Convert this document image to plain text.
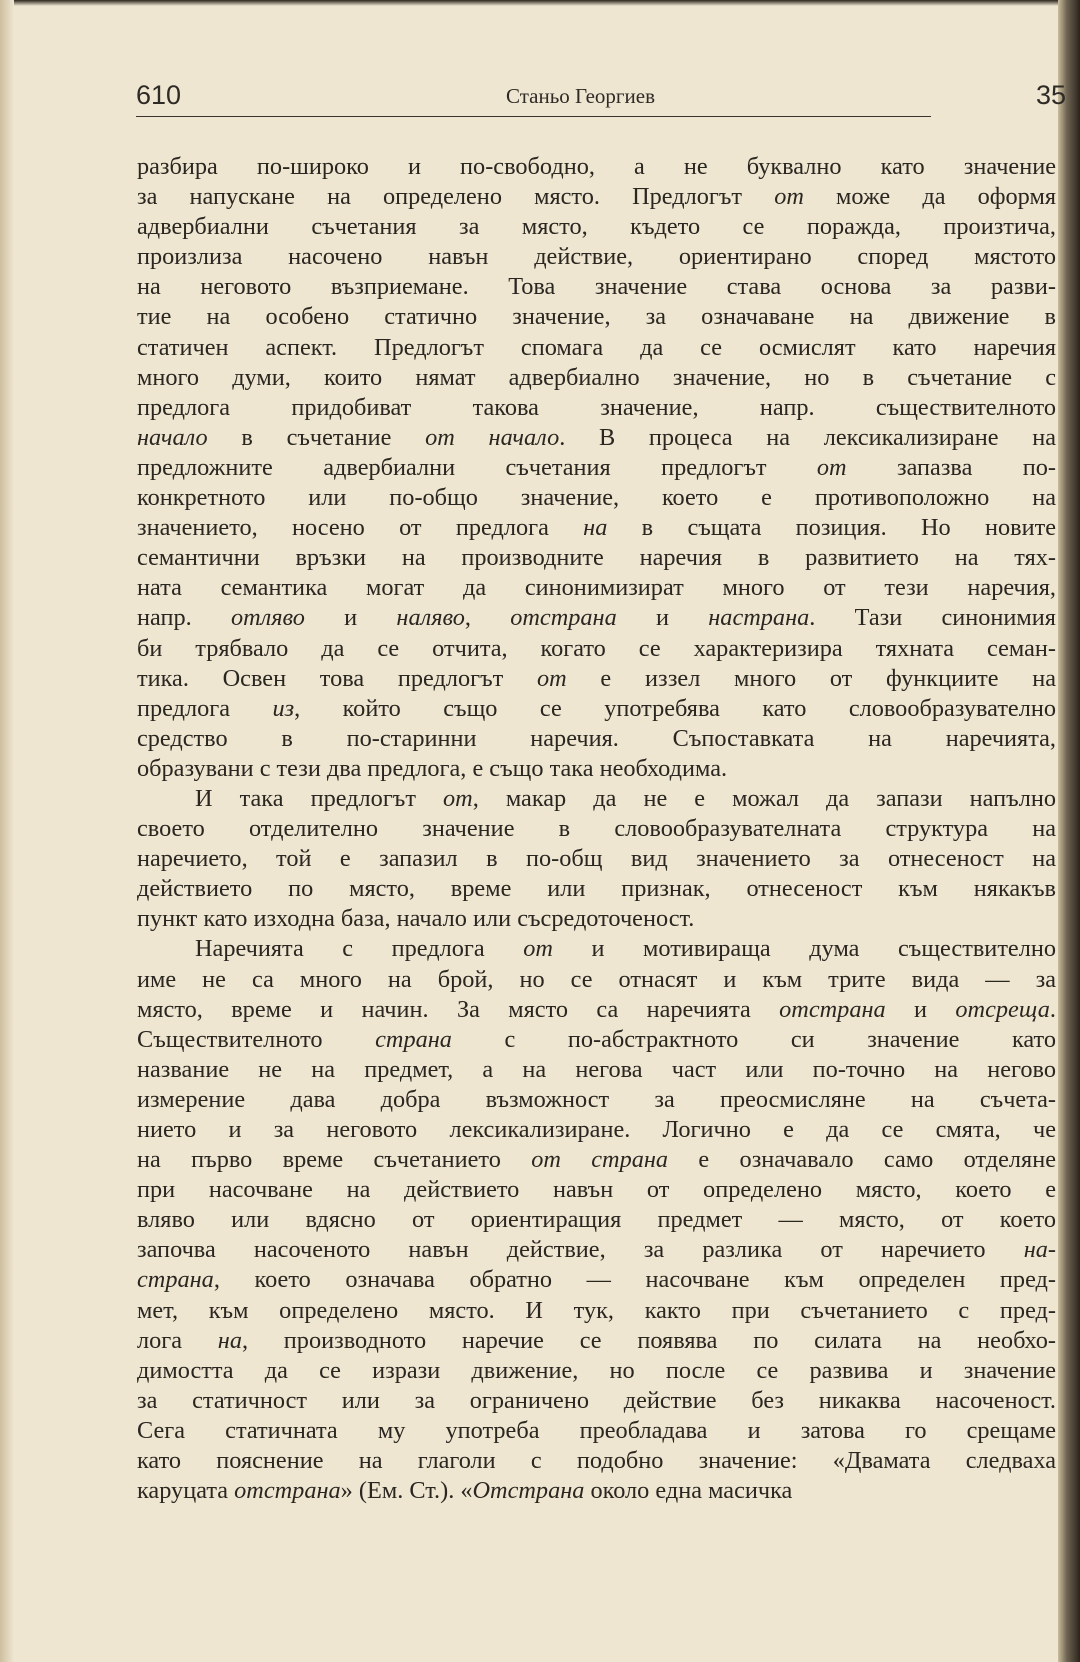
610	Станьо Георгиев	35

разбира по-широко и по-свободно, а не буквално като значение
за напускане на определено място. Предлогът от може да оформя
адвербиални съчетания за място, където се поражда, произтича,
произлиза насочено навън действие, ориентирано според мястото
на неговото възприемане. Това значение става основа за разви-
тие на особено статично значение, за означаване на движение в
статичен аспект. Предлогът спомага да се осмислят като наречия
много думи, които нямат адвербиално значение, но в съчетание с
предлога придобиват такова значение, напр. съществителното
начало в съчетание от начало. В процеса на лексикализиране на
предложните адвербиални съчетания предлогът от запазва по-
конкретното или по-общо значение, което е противоположно на
значението, носено от предлога на в същата позиция. Но новите
семантични връзки на производните наречия в развитието на тях-
ната семантика могат да синонимизират много от тези наречия,
напр. отляво и наляво, отстрана и настрана. Тази синонимия
би трябвало да се отчита, когато се характеризира тяхната семан-
тика. Освен това предлогът от е иззел много от функциите на
предлога из, който също се употребява като словообразувателно
средство в по-старинни наречия. Съпоставката на наречията,
образувани с тези два предлога, е също така необходима.

И така предлогът от, макар да не е можал да запази напълно
своето отделително значение в словообразувателната структура на
наречието, той е запазил в по-общ вид значението за отнесеност на
действието по място, време или признак, отнесеност към някакъв
пункт като изходна база, начало или съсредоточеност.

Наречията с предлога от и мотивираща дума съществително
име не са много на брой, но се отнасят и към трите вида — за
място, време и начин. За място са наречията отстрана и отсреща.
Съществителното страна с по-абстрактното си значение като
название не на предмет, а на негова част или по-точно на негово
измерение дава добра възможност за преосмисляне на съчета-
нието и за неговото лексикализиране. Логично е да се смята, че
на първо време съчетанието от страна е означавало само отделяне
при насочване на действието навън от определено място, което е
вляво или вдясно от ориентиращия предмет — място, от което
започва насоченото навън действие, за разлика от наречието на-
страна, което означава обратно — насочване към определен пред-
мет, към определено място. И тук, както при съчетанието с пред-
лога на, производното наречие се появява по силата на необхо-
димостта да се изрази движение, но после се развива и значение
за статичност или за ограничено действие без никаква насоченост.
Сега статичната му употреба преобладава и затова го срещаме
като пояснение на глаголи с подобно значение: «Двамата следваха
каруцата отстрана» (Ем. Ст.). «Отстрана около една масичка
